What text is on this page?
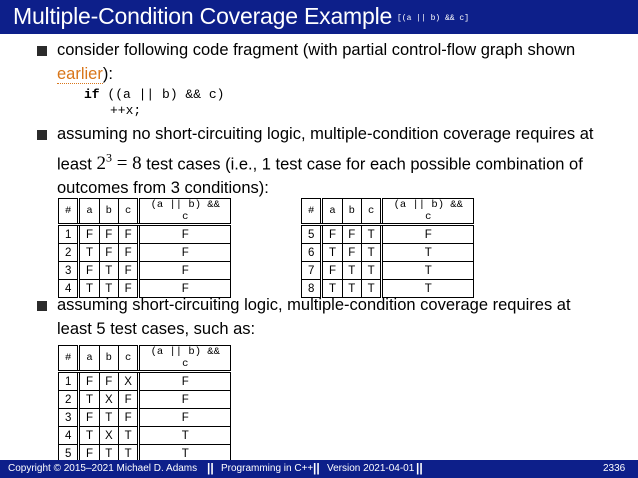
Multiple-Condition Coverage Example [(a || b) && c]
consider following code fragment (with partial control-flow graph shown
earlier):
if ((a || b) && c)
++x;
assuming no short-circuiting logic, multiple-condition coverage requires at
least $2^3 = 8$ test cases (i.e., 1 test case for each possible combination of
outcomes from 3 conditions):
#	a	b	c	(a || b) && c
1	F	F	F	F
2	T	F	F	F
3	F	T	F	F
4	T	T	F	F
#	a	b	c	(a || b) && c
5	F	F	T	F
6	T	F	T	T
7	F	T	T	T
8	T	T	T	T
assuming short-circuiting logic, multiple-condition coverage requires at
least 5 test cases, such as:
#	a	b	c	(a || b) && c
1	F	F	X	F
2	T	X	F	F
3	F	T	F	F
4	T	X	T	T
5	F	T	T	T
Copyright © 2015–2021 Michael D. Adams || Programming in C++ || Version 2021-04-01 ||	2336
